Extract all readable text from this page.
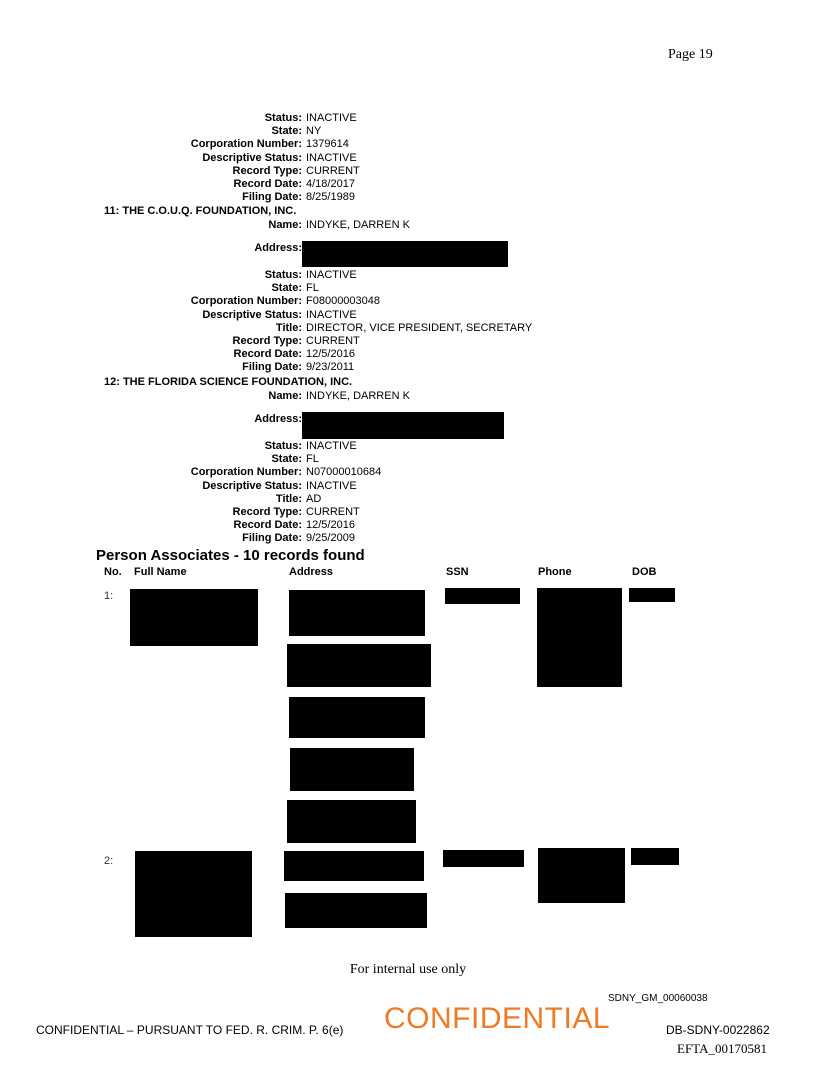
Page 19
Status: INACTIVE
State: NY
Corporation Number: 1379614
Descriptive Status: INACTIVE
Record Type: CURRENT
Record Date: 4/18/2017
Filing Date: 8/25/1989
11: THE C.O.U.Q. FOUNDATION, INC.
Name: INDYKE, DARREN K
Address:
Status: INACTIVE
State: FL
Corporation Number: F08000003048
Descriptive Status: INACTIVE
Title: DIRECTOR, VICE PRESIDENT, SECRETARY
Record Type: CURRENT
Record Date: 12/5/2016
Filing Date: 9/23/2011
12: THE FLORIDA SCIENCE FOUNDATION, INC.
Name: INDYKE, DARREN K
Address:
Status: INACTIVE
State: FL
Corporation Number: N07000010684
Descriptive Status: INACTIVE
Title: AD
Record Type: CURRENT
Record Date: 12/5/2016
Filing Date: 9/25/2009
Person Associates - 10 records found
No. Full Name	Address	SSN	Phone	DOB
1:
2:
For internal use only
SDNY_GM_00060038
CONFIDENTIAL – PURSUANT TO FED. R. CRIM. P. 6(e) CONFIDENTIAL	DB-SDNY-0022862
EFTA_00170581
